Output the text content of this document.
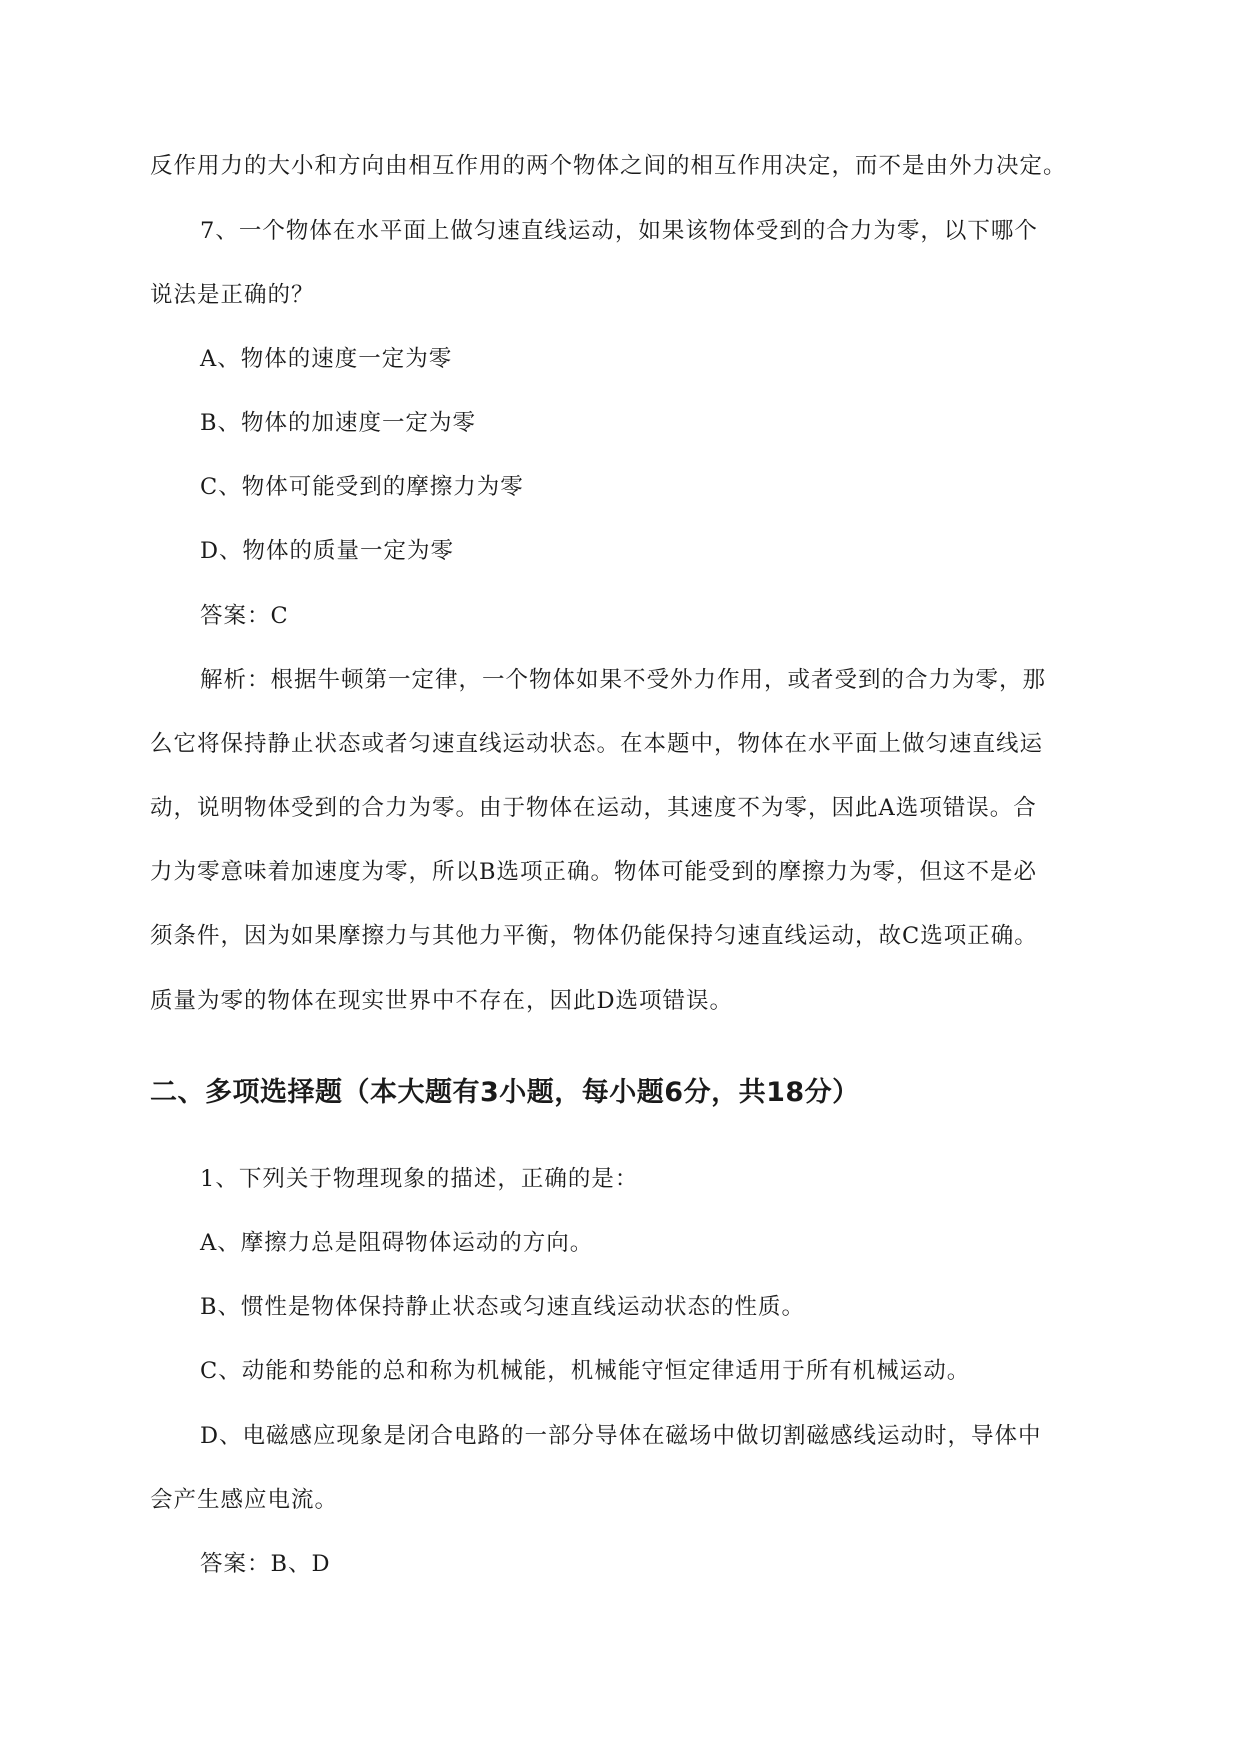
反作用力的大小和方向由相互作用的两个物体之间的相互作用决定，而不是由外力决定。

7、一个物体在水平面上做匀速直线运动，如果该物体受到的合力为零，以下哪个

说法是正确的？

A、物体的速度一定为零

B、物体的加速度一定为零

C、物体可能受到的摩擦力为零

D、物体的质量一定为零

答案：C

解析：根据牛顿第一定律，一个物体如果不受外力作用，或者受到的合力为零，那

么它将保持静止状态或者匀速直线运动状态。在本题中，物体在水平面上做匀速直线运

动，说明物体受到的合力为零。由于物体在运动，其速度不为零，因此A选项错误。合

力为零意味着加速度为零，所以B选项正确。物体可能受到的摩擦力为零，但这不是必

须条件，因为如果摩擦力与其他力平衡，物体仍能保持匀速直线运动，故C选项正确。

质量为零的物体在现实世界中不存在，因此D选项错误。

二、多项选择题（本大题有3小题，每小题6分，共18分）

1、下列关于物理现象的描述，正确的是：

A、摩擦力总是阻碍物体运动的方向。

B、惯性是物体保持静止状态或匀速直线运动状态的性质。

C、动能和势能的总和称为机械能，机械能守恒定律适用于所有机械运动。

D、电磁感应现象是闭合电路的一部分导体在磁场中做切割磁感线运动时，导体中

会产生感应电流。

答案：B、D
